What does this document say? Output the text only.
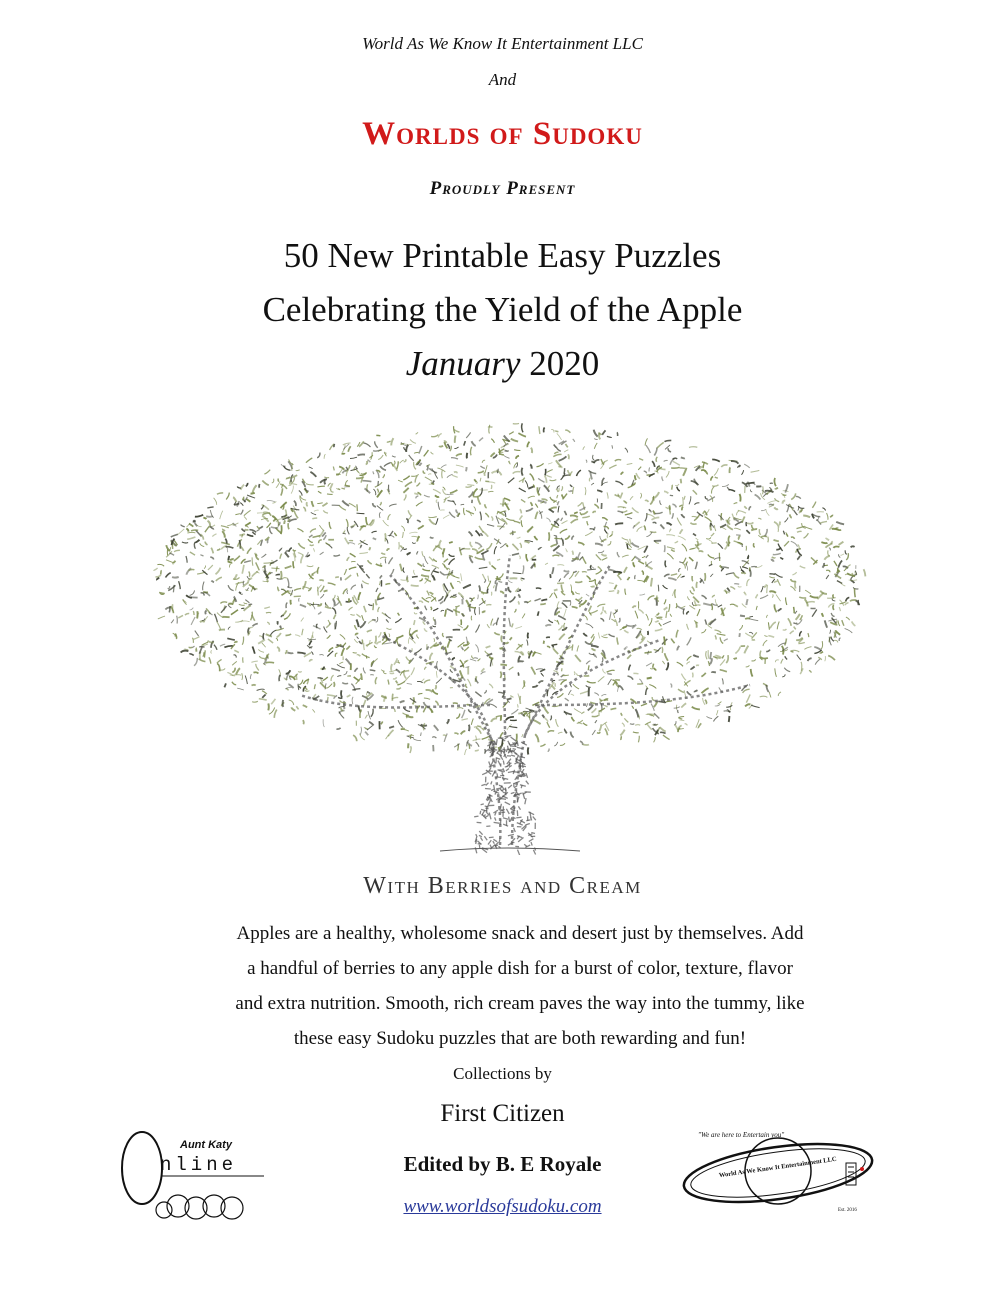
World As We Know It Entertainment LLC
And
Worlds of Sudoku
Proudly Present
50 New Printable Easy Puzzles
Celebrating the Yield of the Apple
January 2020
With Berries and Cream
Apples are a healthy, wholesome snack and desert just by themselves. Add
a handful of berries to any apple dish for a burst of color, texture, flavor
and extra nutrition. Smooth, rich cream paves the way into the tummy, like
these easy Sudoku puzzles that are both rewarding and fun!
Collections by
First Citizen
Edited by B. E Royale
www.worldsofsudoku.com
Aunt Katy
nline
"We are here to Entertain you"
World As We Know It Entertainment LLC
Est. 2016
